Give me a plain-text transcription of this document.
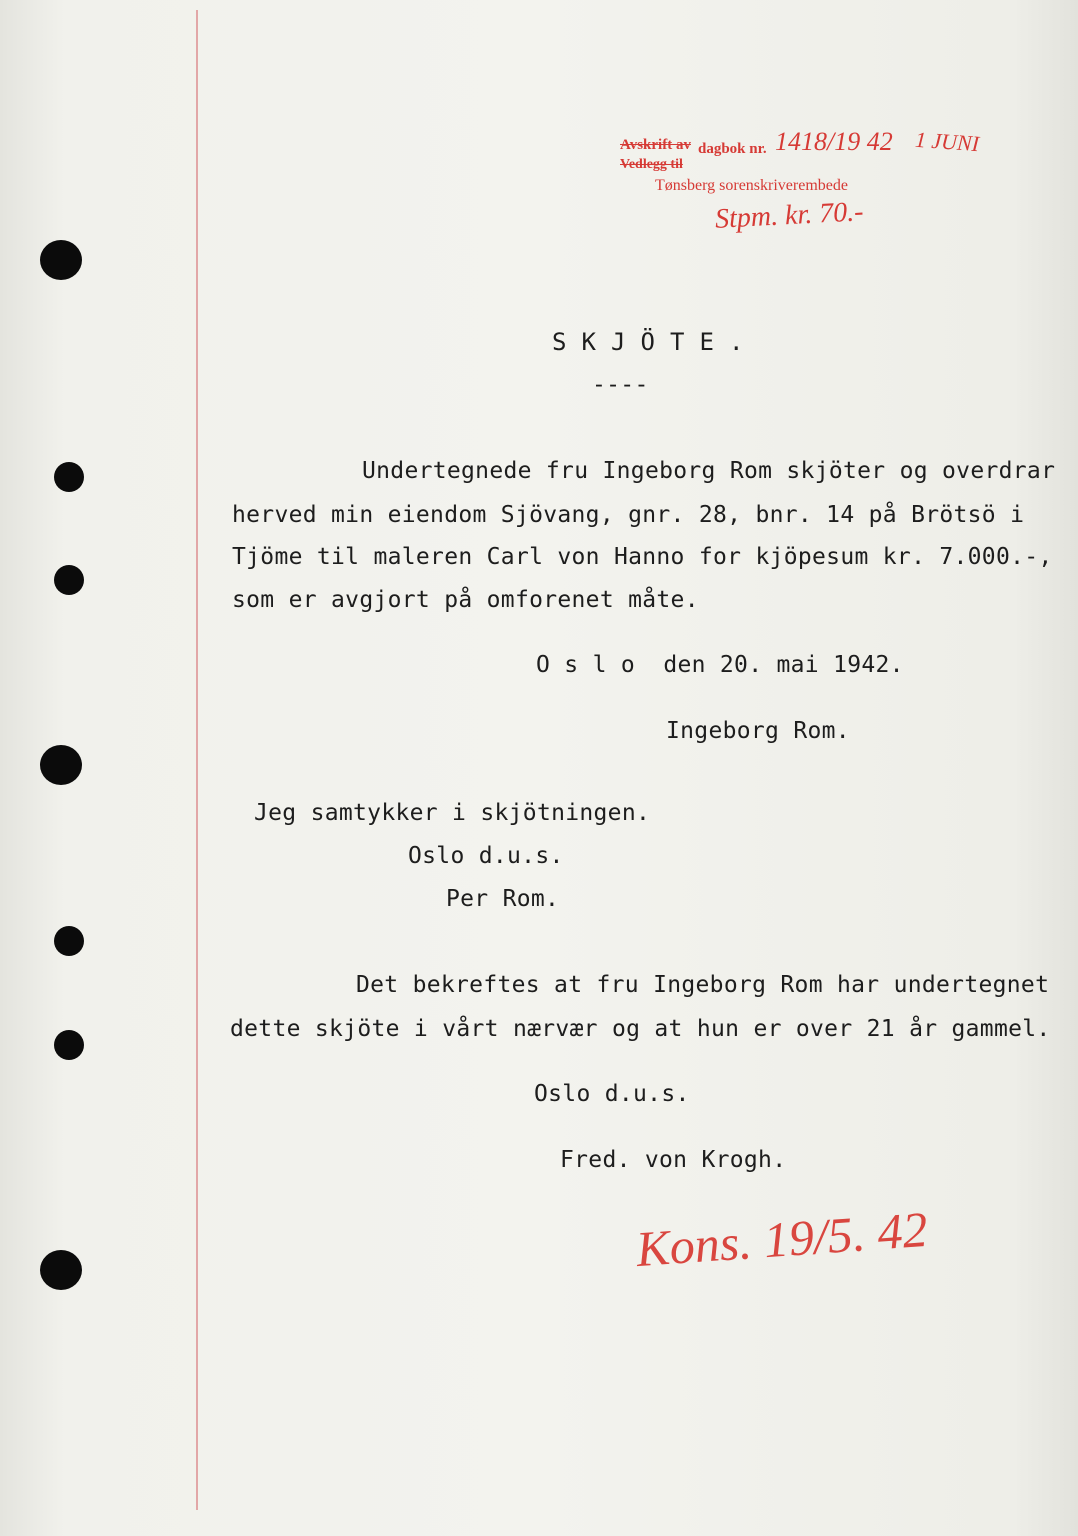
Avskrift av
Vedlegg til
dagbok nr. 1418/19 42 1 JUNI
Tønsberg sorenskriverembede
Stpm. kr. 70.-

S K J Ö T E .

----

Undertegnede fru Ingeborg Rom skjöter og overdrar

herved min eiendom Sjövang, gnr. 28, bnr. 14 på Brötsö i

Tjöme til maleren Carl von Hanno for kjöpesum kr. 7.000.-,

som er avgjort på omforenet måte.

O s l o  den 20. mai 1942.

Ingeborg Rom.

Jeg samtykker i skjötningen.

Oslo d.u.s.

Per Rom.

Det bekreftes at fru Ingeborg Rom har undertegnet

dette skjöte i vårt nærvær og at hun er over 21 år gammel.

Oslo d.u.s.

Fred. von Krogh.

Kons. 19/5. 42
